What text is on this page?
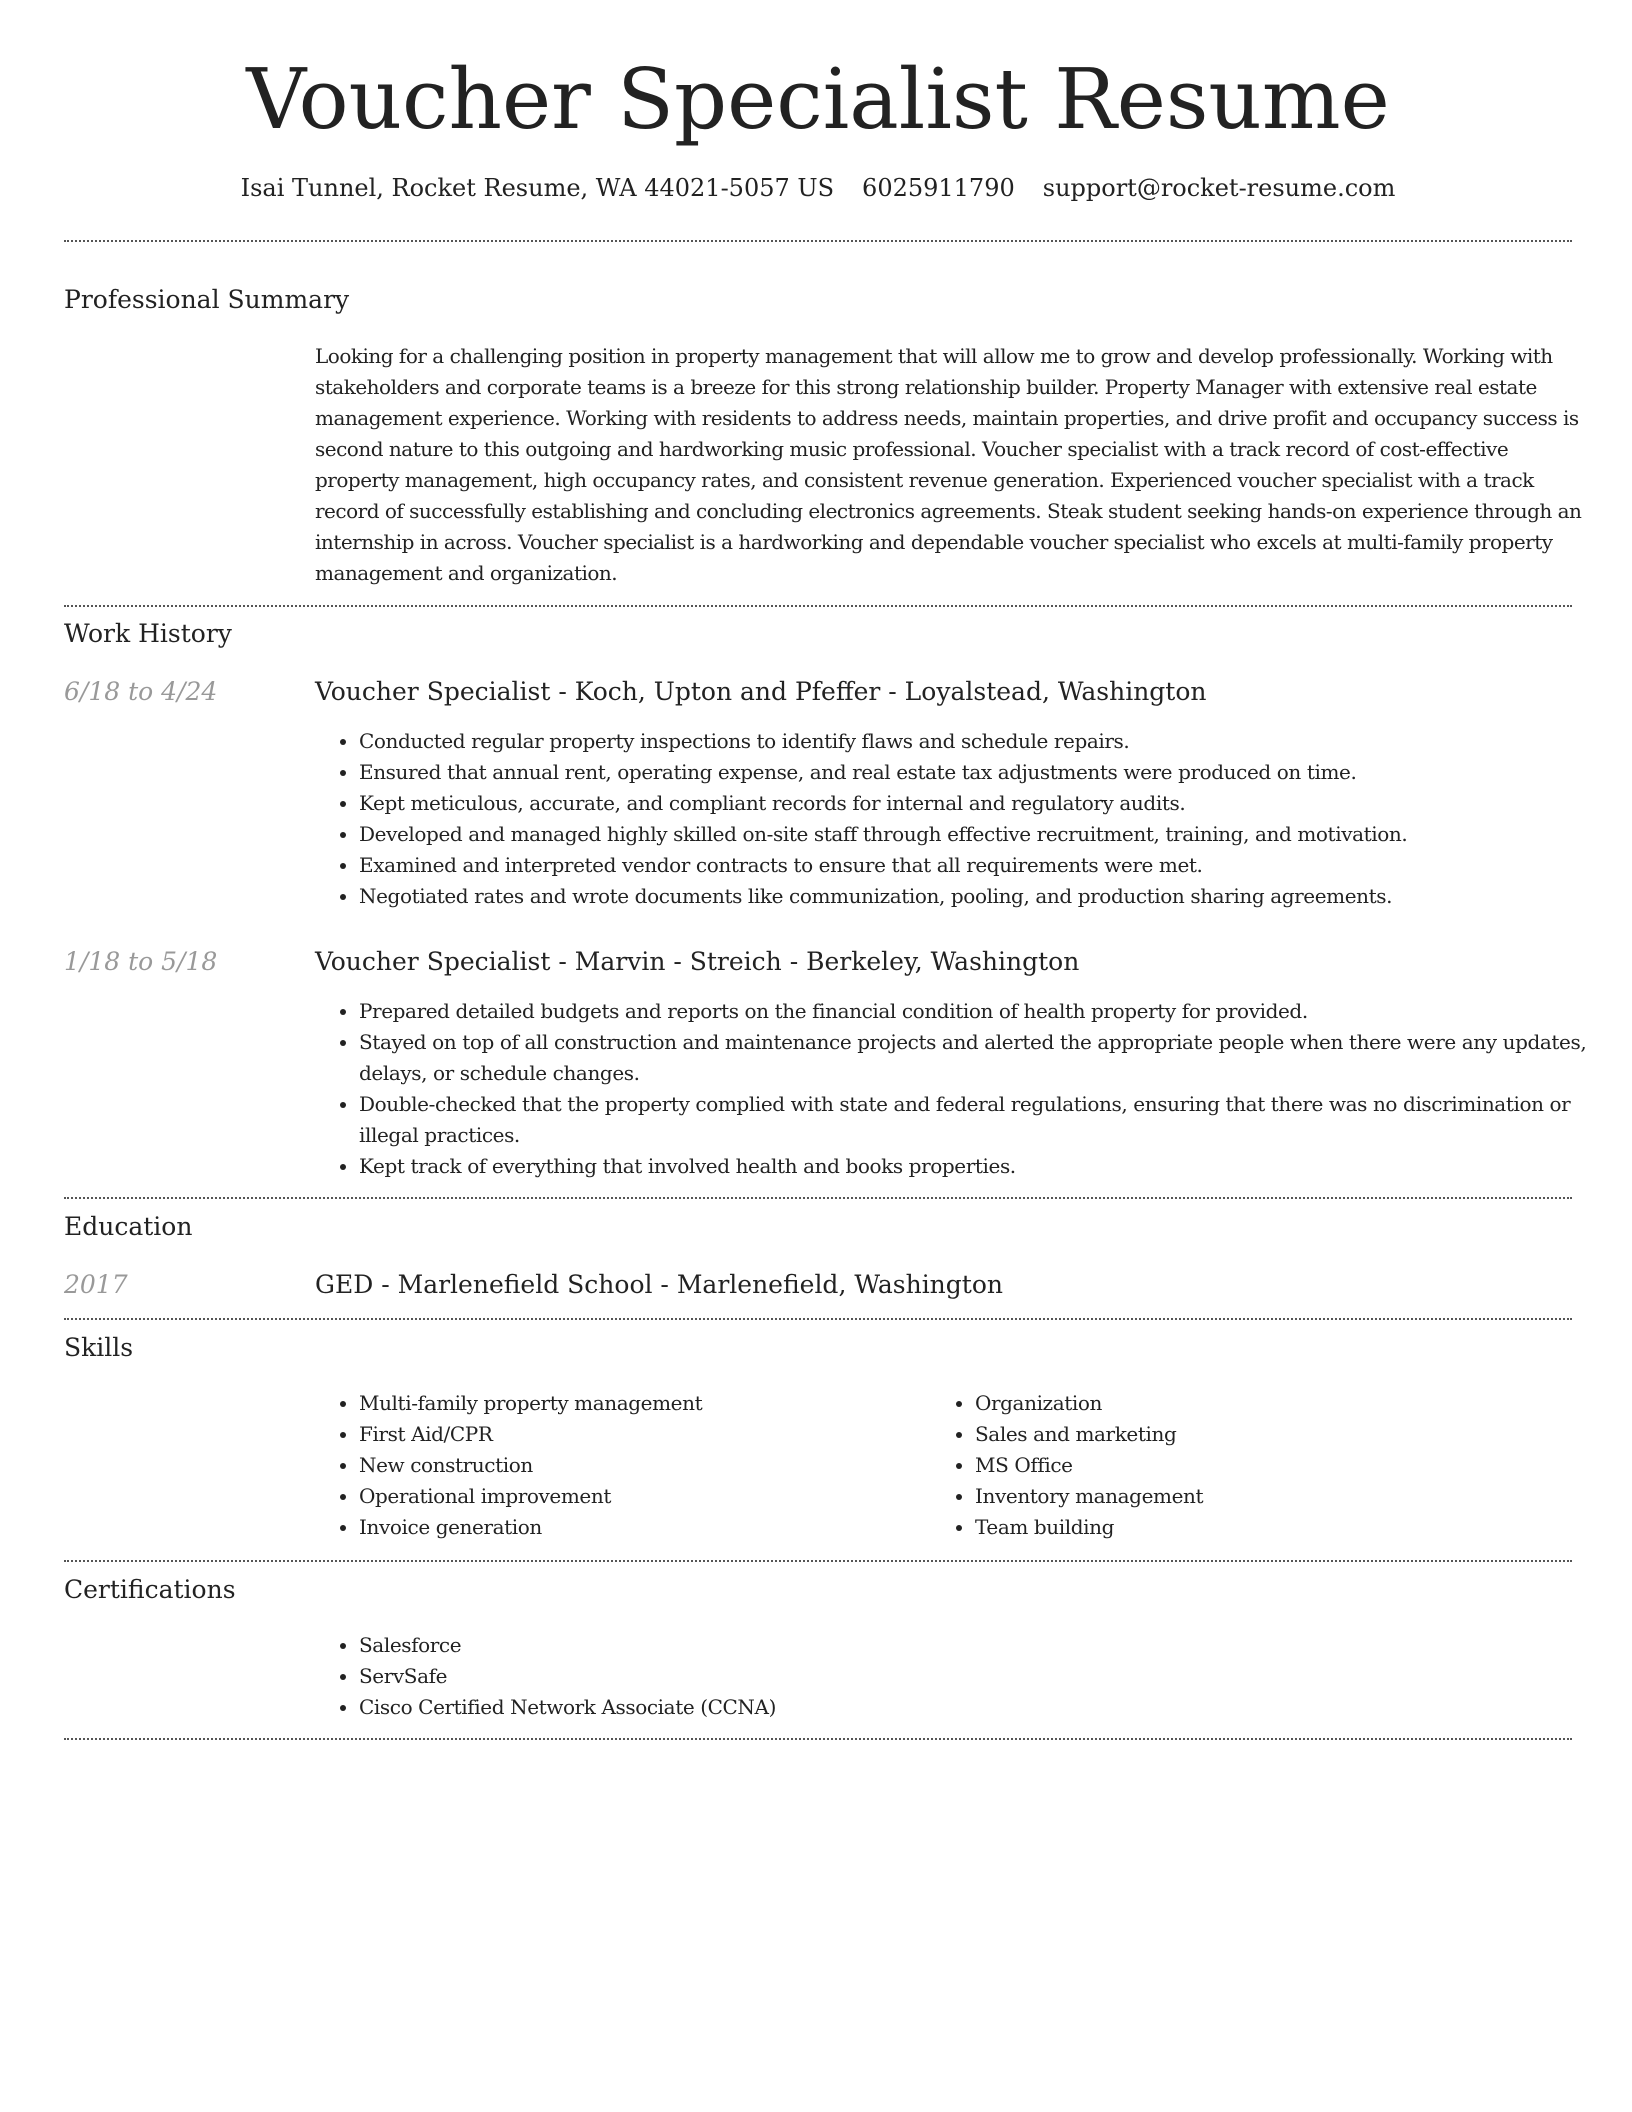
Voucher Specialist Resume
Isai Tunnel, Rocket Resume, WA 44021-5057 US 6025911790 support@rocket-resume.com
Professional Summary
Looking for a challenging position in property management that will allow me to grow and develop professionally. Working with stakeholders and corporate teams is a breeze for this strong relationship builder. Property Manager with extensive real estate management experience. Working with residents to address needs, maintain properties, and drive profit and occupancy success is second nature to this outgoing and hardworking music professional. Voucher specialist with a track record of cost-effective property management, high occupancy rates, and consistent revenue generation. Experienced voucher specialist with a track record of successfully establishing and concluding electronics agreements. Steak student seeking hands-on experience through an internship in across. Voucher specialist is a hardworking and dependable voucher specialist who excels at multi-family property management and organization.
Work History
6/18 to 4/24	Voucher Specialist - Koch, Upton and Pfeffer - Loyalstead, Washington
• Conducted regular property inspections to identify flaws and schedule repairs.
• Ensured that annual rent, operating expense, and real estate tax adjustments were produced on time.
• Kept meticulous, accurate, and compliant records for internal and regulatory audits.
• Developed and managed highly skilled on-site staff through effective recruitment, training, and motivation.
• Examined and interpreted vendor contracts to ensure that all requirements were met.
• Negotiated rates and wrote documents like communization, pooling, and production sharing agreements.
1/18 to 5/18	Voucher Specialist - Marvin - Streich - Berkeley, Washington
• Prepared detailed budgets and reports on the financial condition of health property for provided.
• Stayed on top of all construction and maintenance projects and alerted the appropriate people when there were any updates, delays, or schedule changes.
• Double-checked that the property complied with state and federal regulations, ensuring that there was no discrimination or illegal practices.
• Kept track of everything that involved health and books properties.
Education
2017	GED - Marlenefield School - Marlenefield, Washington
Skills
• Multi-family property management
• First Aid/CPR
• New construction
• Operational improvement
• Invoice generation
• Organization
• Sales and marketing
• MS Office
• Inventory management
• Team building
Certifications
• Salesforce
• ServSafe
• Cisco Certified Network Associate (CCNA)
